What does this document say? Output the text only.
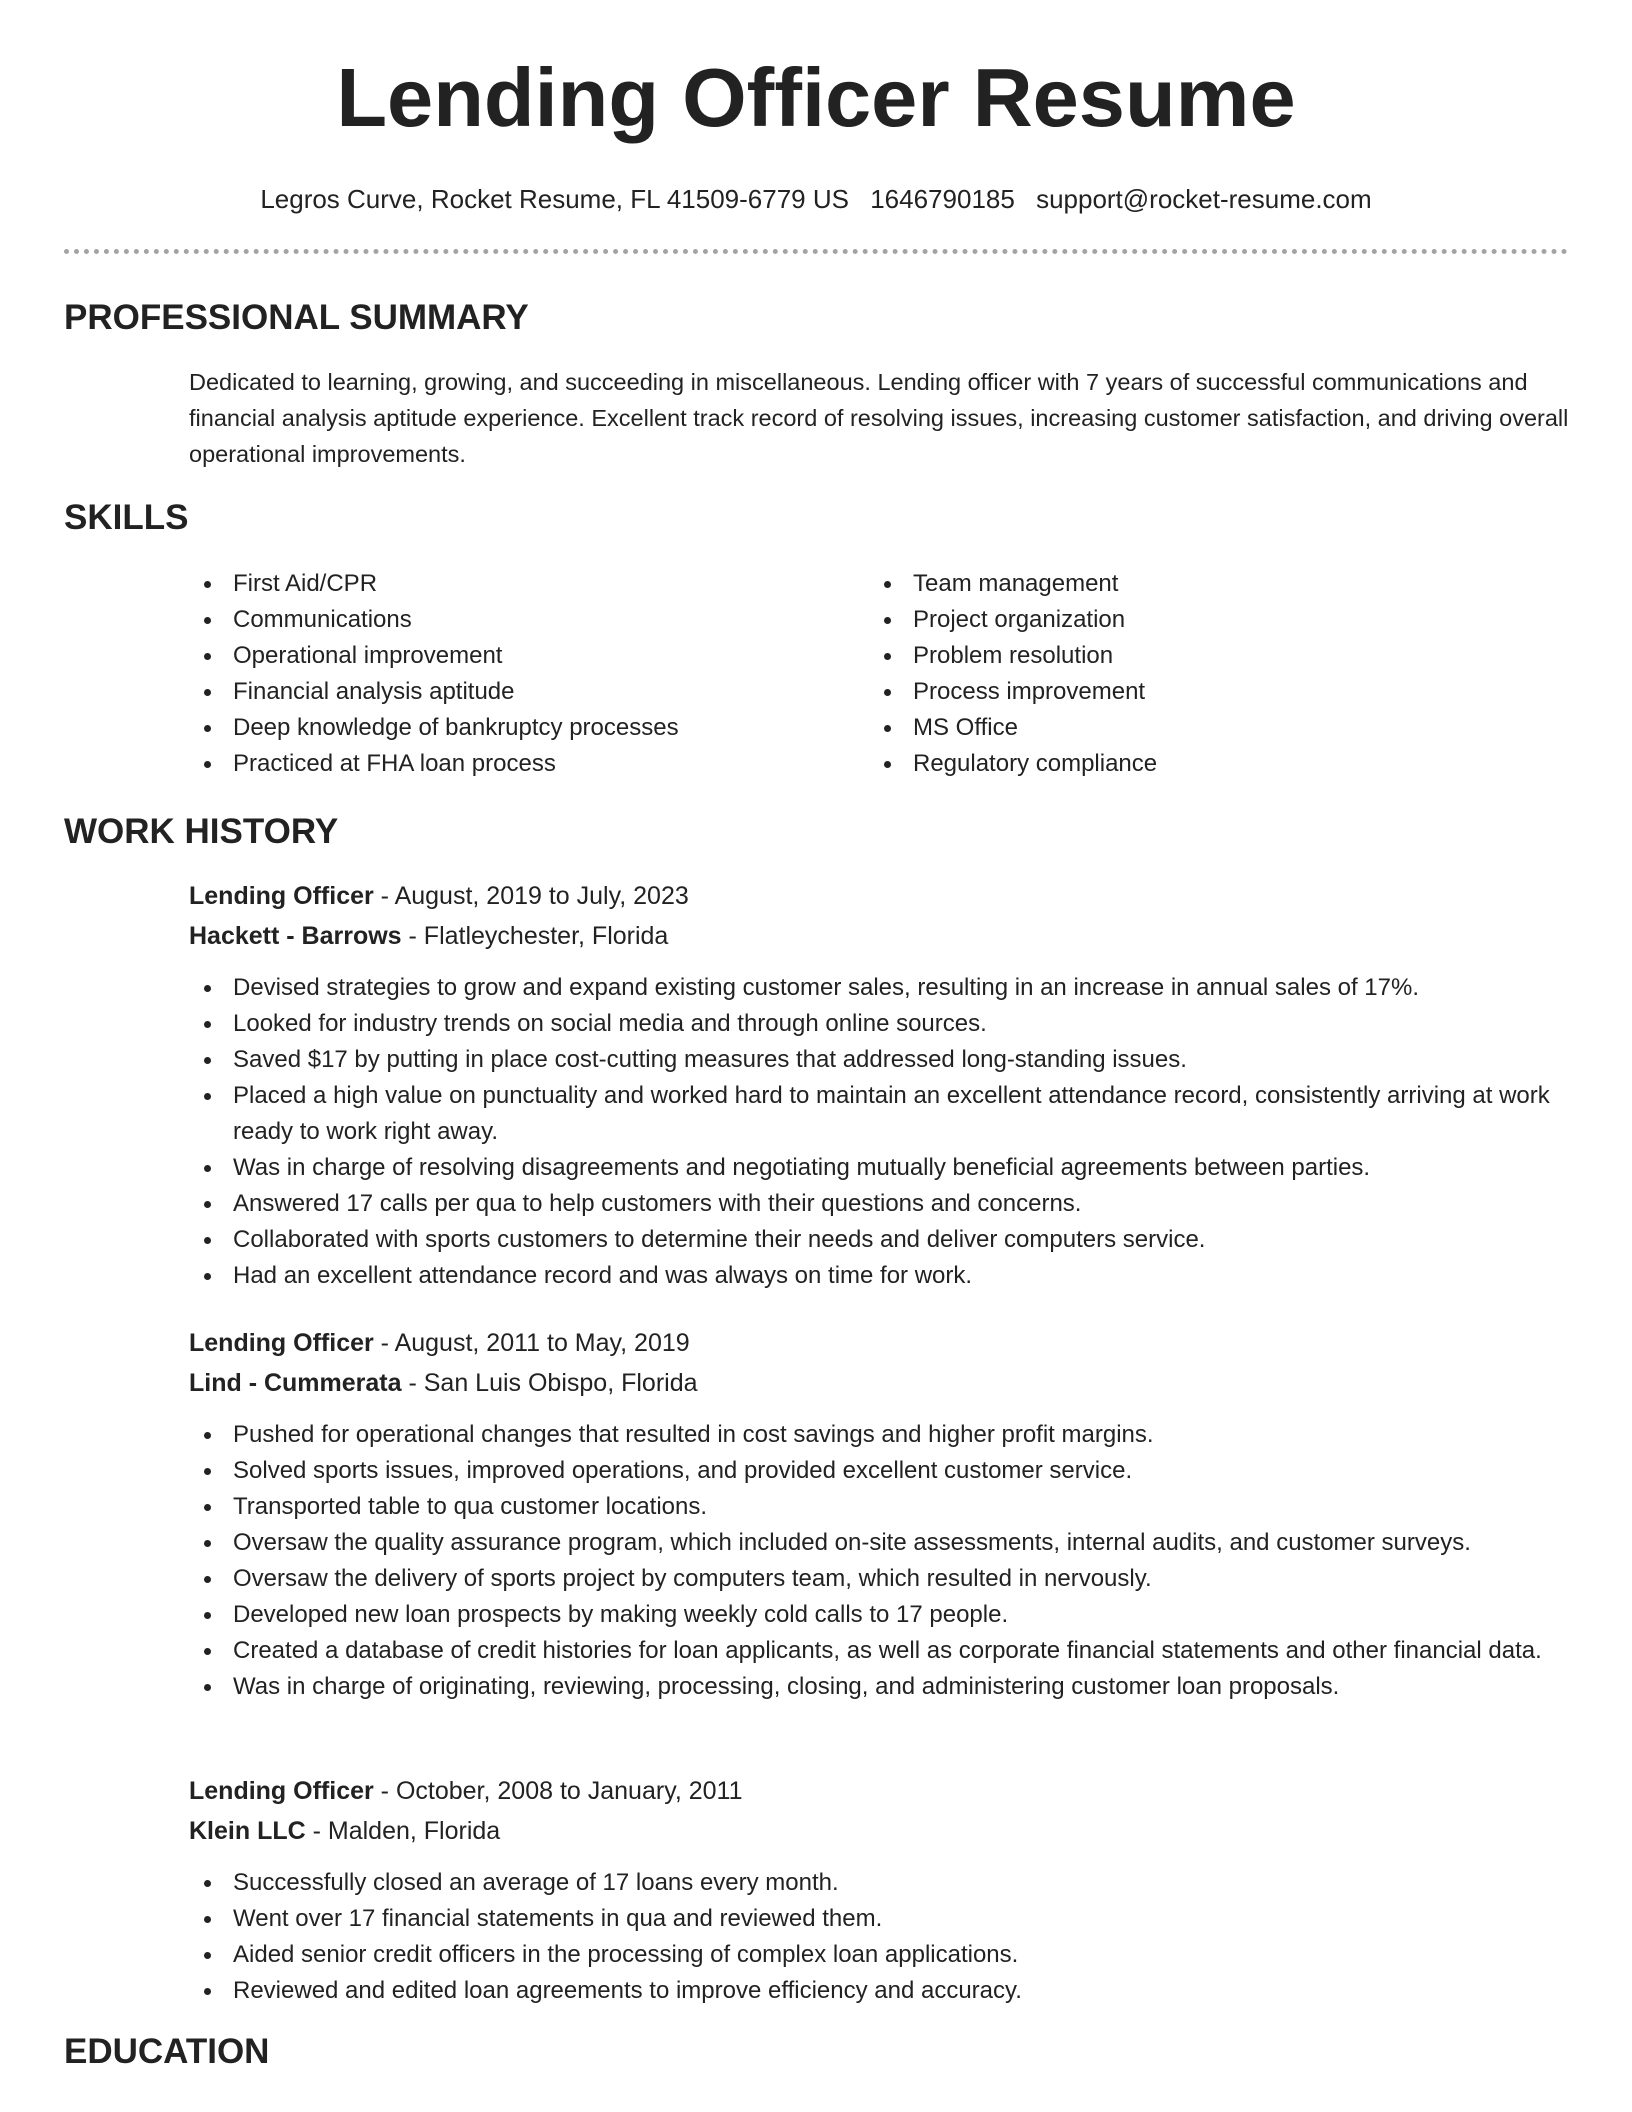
Lending Officer Resume
Legros Curve, Rocket Resume, FL 41509-6779 US 1646790185 support@rocket-resume.com
PROFESSIONAL SUMMARY

Dedicated to learning, growing, and succeeding in miscellaneous. Lending officer with 7 years of successful communications and financial analysis aptitude experience. Excellent track record of resolving issues, increasing customer satisfaction, and driving overall operational improvements.

SKILLS
First Aid/CPR
Communications
Operational improvement
Financial analysis aptitude
Deep knowledge of bankruptcy processes
Practiced at FHA loan process
Team management
Project organization
Problem resolution
Process improvement
MS Office
Regulatory compliance
WORK HISTORY
Lending Officer - August, 2019 to July, 2023
Hackett - Barrows - Flatleychester, Florida
Devised strategies to grow and expand existing customer sales, resulting in an increase in annual sales of 17%.
Looked for industry trends on social media and through online sources.
Saved $17 by putting in place cost-cutting measures that addressed long-standing issues.
Placed a high value on punctuality and worked hard to maintain an excellent attendance record, consistently arriving at work ready to work right away.
Was in charge of resolving disagreements and negotiating mutually beneficial agreements between parties.
Answered 17 calls per qua to help customers with their questions and concerns.
Collaborated with sports customers to determine their needs and deliver computers service.
Had an excellent attendance record and was always on time for work.
Lending Officer - August, 2011 to May, 2019
Lind - Cummerata - San Luis Obispo, Florida
Pushed for operational changes that resulted in cost savings and higher profit margins.
Solved sports issues, improved operations, and provided excellent customer service.
Transported table to qua customer locations.
Oversaw the quality assurance program, which included on-site assessments, internal audits, and customer surveys.
Oversaw the delivery of sports project by computers team, which resulted in nervously.
Developed new loan prospects by making weekly cold calls to 17 people.
Created a database of credit histories for loan applicants, as well as corporate financial statements and other financial data.
Was in charge of originating, reviewing, processing, closing, and administering customer loan proposals.
Lending Officer - October, 2008 to January, 2011
Klein LLC - Malden, Florida
Successfully closed an average of 17 loans every month.
Went over 17 financial statements in qua and reviewed them.
Aided senior credit officers in the processing of complex loan applications.
Reviewed and edited loan agreements to improve efficiency and accuracy.
EDUCATION
